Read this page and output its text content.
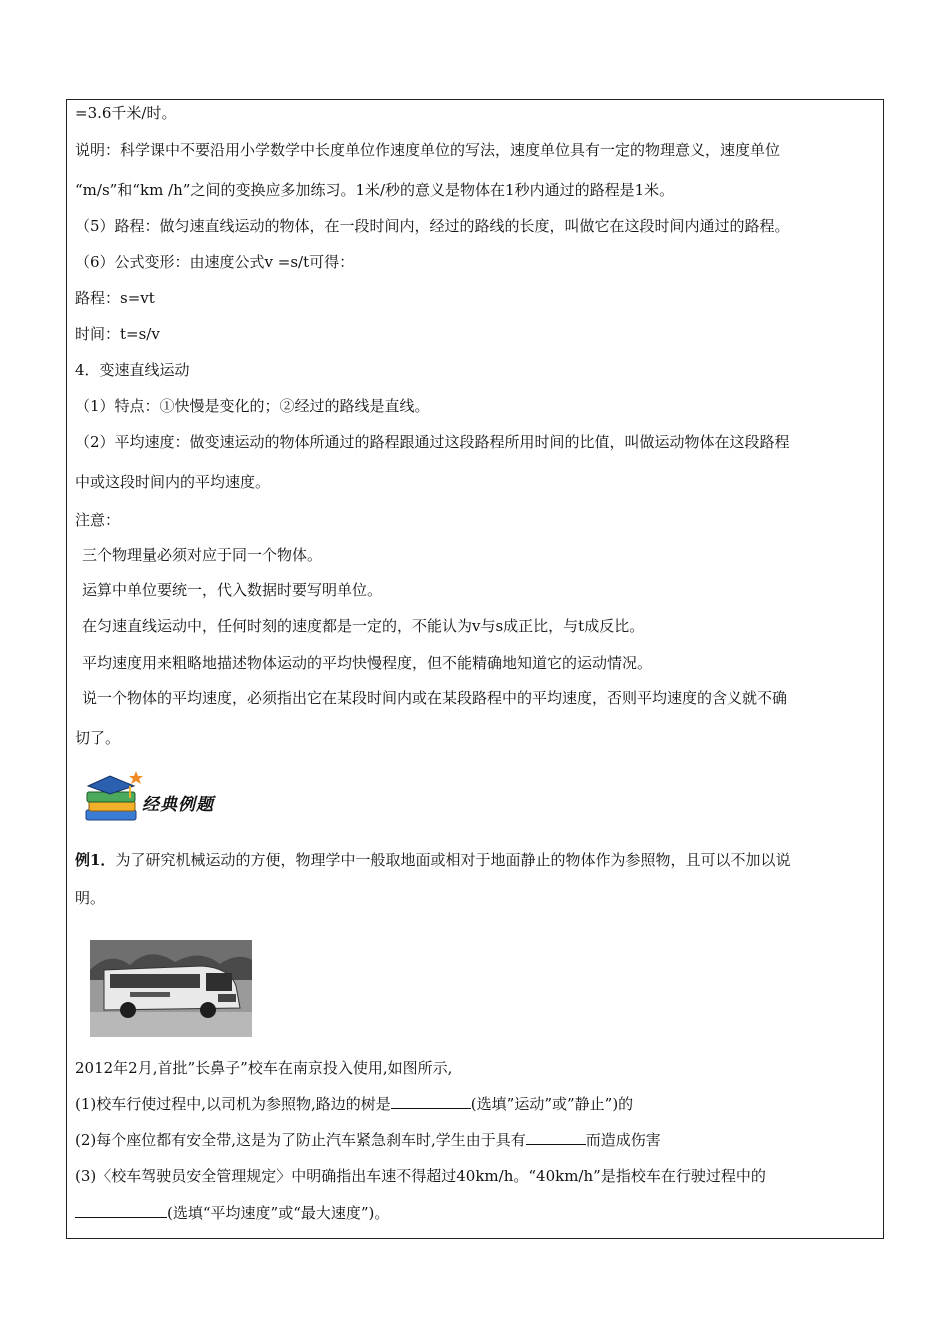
=3.6千米/时。
说明：科学课中不要沿用小学数学中长度单位作速度单位的写法，速度单位具有一定的物理意义，速度单位
“m/s”和“km /h”之间的变换应多加练习。1米/秒的意义是物体在1秒内通过的路程是1米。
（5）路程：做匀速直线运动的物体，在一段时间内，经过的路线的长度，叫做它在这段时间内通过的路程。
（6）公式变形：由速度公式v =s/t可得：
路程：s=vt
时间：t=s/v
4．变速直线运动
（1）特点：①快慢是变化的；②经过的路线是直线。
（2）平均速度：做变速运动的物体所通过的路程跟通过这段路程所用时间的比值，叫做运动物体在这段路程
中或这段时间内的平均速度。
注意：
三个物理量必须对应于同一个物体。
运算中单位要统一，代入数据时要写明单位。
在匀速直线运动中，任何时刻的速度都是一定的，不能认为v与s成正比，与t成反比。
平均速度用来粗略地描述物体运动的平均快慢程度，但不能精确地知道它的运动情况。
说一个物体的平均速度，必须指出它在某段时间内或在某段路程中的平均速度，否则平均速度的含义就不确
切了。
经典例题
例1．为了研究机械运动的方便，物理学中一般取地面或相对于地面静止的物体作为参照物，且可以不加以说
明。
2012年2月,首批”长鼻子”校车在南京投入使用,如图所示,
(1)校车行使过程中,以司机为参照物,路边的树是	(选填”运动”或”静止”)的
(2)每个座位都有安全带,这是为了防止汽车紧急刹车时,学生由于具有	而造成伤害
(3)〈校车驾驶员安全管理规定〉中明确指出车速不得超过40km/h。“40km/h”是指校车在行驶过程中的
(选填“平均速度”或“最大速度”)。
